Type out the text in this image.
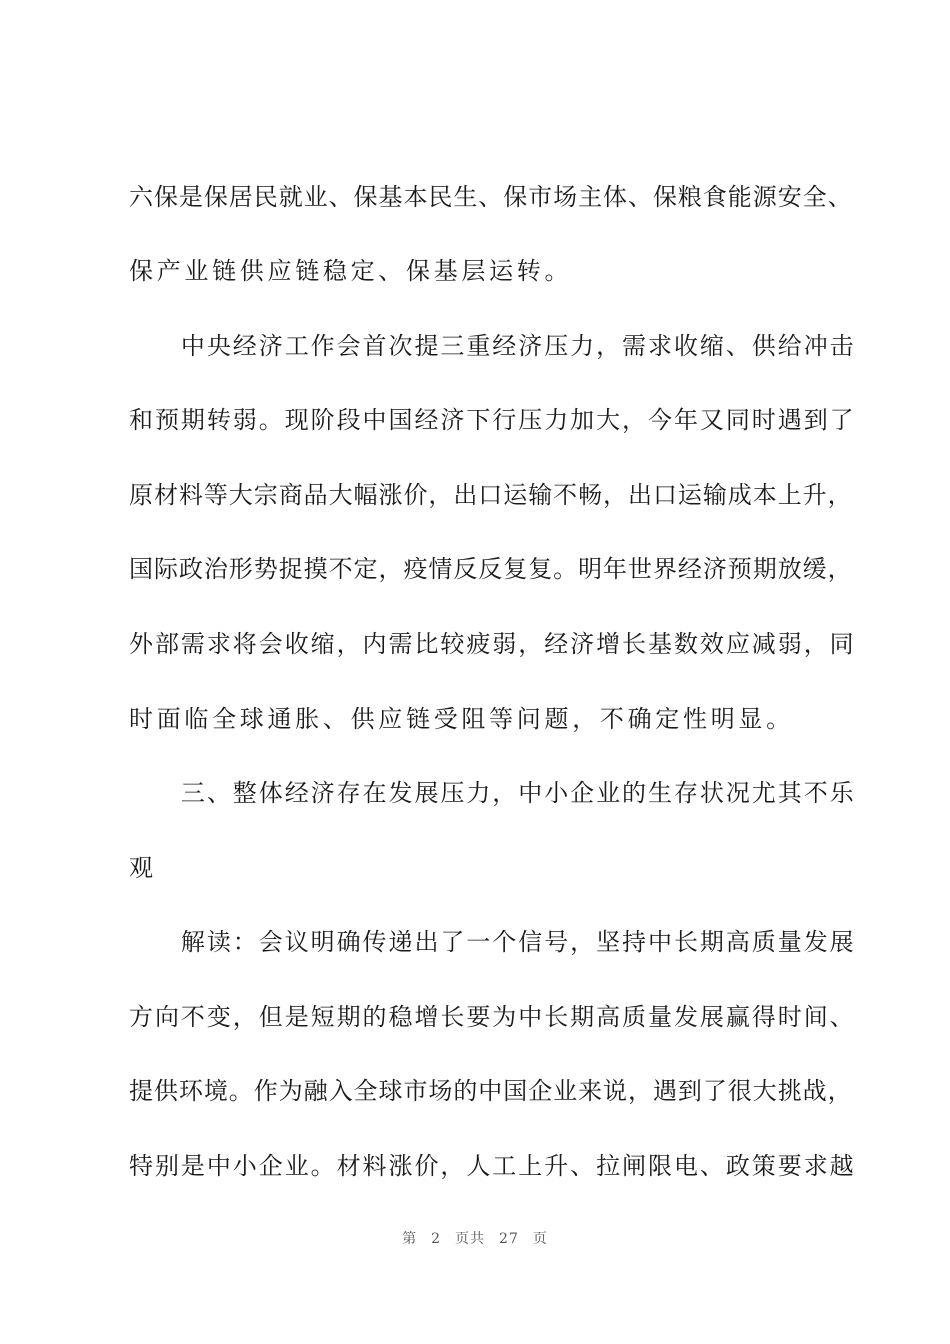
六保是保居民就业、保基本民生、保市场主体、保粮食能源安全、
保产业链供应链稳定、保基层运转。
　　中央经济工作会首次提三重经济压力，需求收缩、供给冲击
和预期转弱。现阶段中国经济下行压力加大，今年又同时遇到了
原材料等大宗商品大幅涨价，出口运输不畅，出口运输成本上升，
国际政治形势捉摸不定，疫情反反复复。明年世界经济预期放缓，
外部需求将会收缩，内需比较疲弱，经济增长基数效应减弱，同
时面临全球通胀、供应链受阻等问题，不确定性明显。
　　三、整体经济存在发展压力，中小企业的生存状况尤其不乐
观
　　解读：会议明确传递出了一个信号，坚持中长期高质量发展
方向不变，但是短期的稳增长要为中长期高质量发展赢得时间、
提供环境。作为融入全球市场的中国企业来说，遇到了很大挑战，
特别是中小企业。材料涨价，人工上升、拉闸限电、政策要求越
第 2 页共 27 页
